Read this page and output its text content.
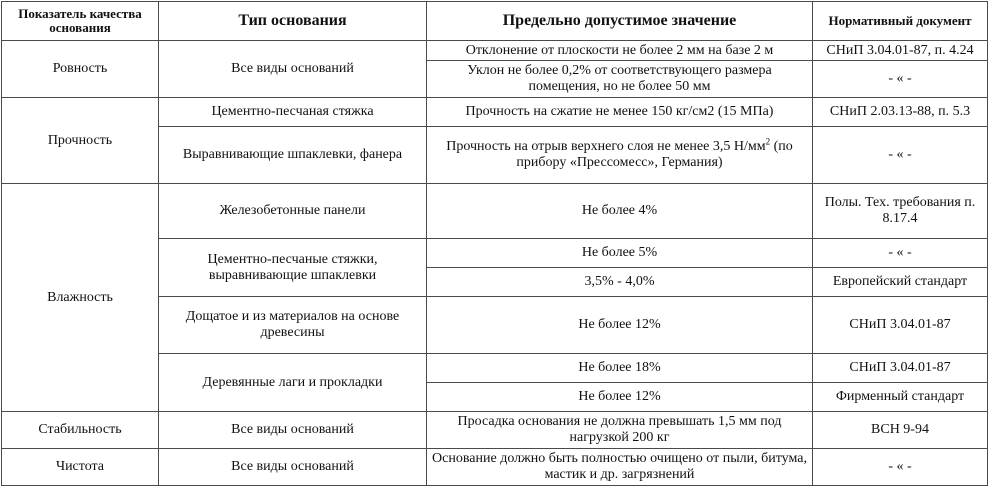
Показатель качества основания	Тип основания	Предельно допустимое значение	Нормативный документ
Ровность	Все виды оснований	Отклонение от плоскости не более 2 мм на базе 2 м	СНиП 3.04.01-87, п. 4.24
		Уклон не более 0,2% от соответствующего размера помещения, но не более 50 мм	- « -
Прочность	Цементно-песчаная стяжка	Прочность на сжатие не менее 150 кг/см2 (15 МПа)	СНиП 2.03.13-88, п. 5.3
	Выравнивающие шпаклевки, фанера	Прочность на отрыв верхнего слоя не менее 3,5 $Н/мм^2$ (по прибору «Прессомесс», Германия)	- « -
Влажность	Железобетонные панели	Не более 4%	Полы. Тех. требования п. 8.17.4
	Цементно-песчаные стяжки, выравнивающие шпаклевки	Не более 5%	- « -
		3,5% - 4,0%	Европейский стандарт
	Дощатое и из материалов на основе древесины	Не более 12%	СНиП 3.04.01-87
	Деревянные лаги и прокладки	Не более 18%	СНиП 3.04.01-87
		Не более 12%	Фирменный стандарт
Стабильность	Все виды оснований	Просадка основания не должна превышать 1,5 мм под нагрузкой 200 кг	ВСН 9-94
Чистота	Все виды оснований	Основание должно быть полностью очищено от пыли, битума, мастик и др. загрязнений	- « -
